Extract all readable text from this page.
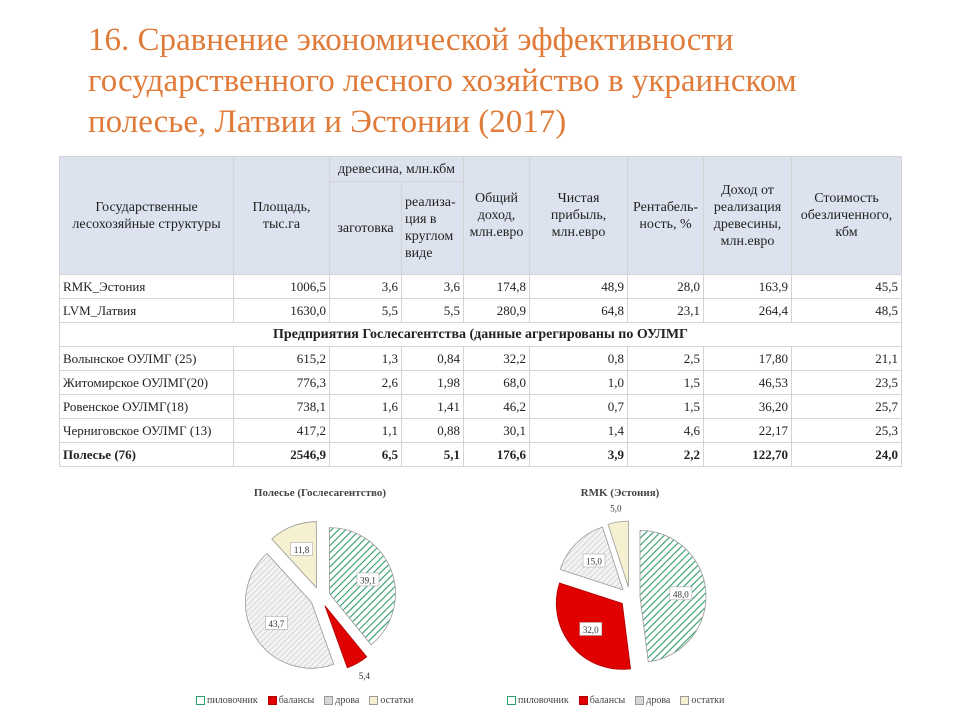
16. Сравнение экономической эффективности
государственного лесного хозяйство в украинском
полесье, Латвии и Эстонии (2017)
Государственные лесохозяйные структуры	Площадь, тыс.га	древесина, млн.кбм		Общий доход, млн.евро	Чистая прибыль, млн.евро	Рентабель-ность, %	Доход от реализация древесины, млн.евро	Стоимость обезличенного, кбм
		заготовка	реализа-ция в круглом виде					
RMK_Эстония	1006,5	3,6	3,6	174,8	48,9	28,0	163,9	45,5
LVM_Латвия	1630,0	5,5	5,5	280,9	64,8	23,1	264,4	48,5
Предприятия Гослесагентства (данные агрегированы по ОУЛМГ								
Волынское ОУЛМГ (25)	615,2	1,3	0,84	32,2	0,8	2,5	17,80	21,1
Житомирское ОУЛМГ(20)	776,3	2,6	1,98	68,0	1,0	1,5	46,53	23,5
Ровенское ОУЛМГ(18)	738,1	1,6	1,41	46,2	0,7	1,5	36,20	25,7
Черниговское ОУЛМГ (13)	417,2	1,1	0,88	30,1	1,4	4,6	22,17	25,3
Полесье (76)	2546,9	6,5	5,1	176,6	3,9	2,2	122,70	24,0
Полесье (Гослесагентство)
39,1
5,4
43,7
11,8
пиловочник балансы дрова остатки
RMK (Эстония)
48,0
32,0
15,0
5,0
пиловочник балансы дрова остатки
